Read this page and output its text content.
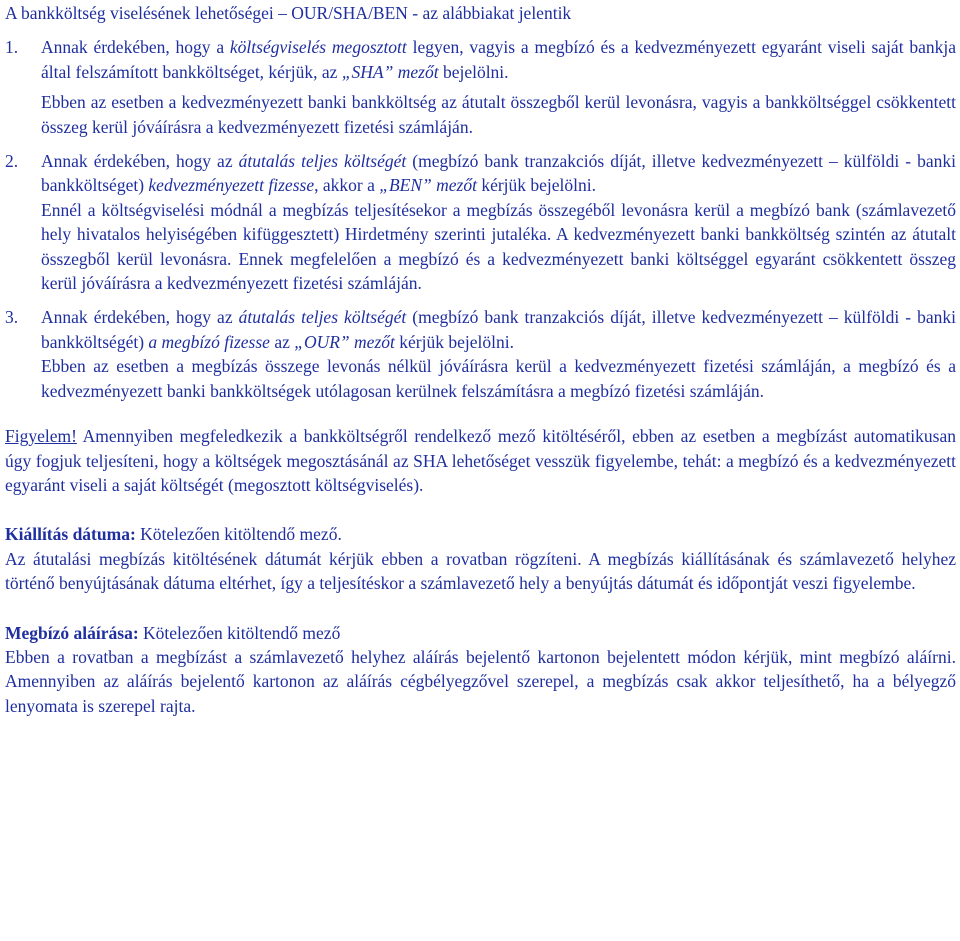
A bankköltség viselésének lehetőségei – OUR/SHA/BEN - az alábbiakat jelentik

1.	Annak érdekében, hogy a költségviselés megosztott legyen, vagyis a megbízó és a kedvezményezett egyaránt viseli saját bankja által felszámított bankköltséget, kérjük, az „SHA” mezőt bejelölni.

Ebben az esetben a kedvezményezett banki bankköltség az átutalt összegből kerül levonásra, vagyis a bankköltséggel csökkentett összeg kerül jóváírásra a kedvezményezett fizetési számláján.

2.	Annak érdekében, hogy az átutalás teljes költségét (megbízó bank tranzakciós díját, illetve kedvezményezett – külföldi - banki bankköltséget) kedvezményezett fizesse, akkor a „BEN” mezőt kérjük bejelölni.

Ennél a költségviselési módnál a megbízás teljesítésekor a megbízás összegéből levonásra kerül a megbízó bank (számlavezető hely hivatalos helyiségében kifüggesztett) Hirdetmény szerinti jutaléka. A kedvezményezett banki bankköltség szintén az átutalt összegből kerül levonásra. Ennek megfelelően a megbízó és a kedvezményezett banki költséggel egyaránt csökkentett összeg kerül jóváírásra a kedvezményezett fizetési számláján.

3.	Annak érdekében, hogy az átutalás teljes költségét (megbízó bank tranzakciós díját, illetve kedvezményezett – külföldi - banki bankköltségét) a megbízó fizesse az „OUR” mezőt kérjük bejelölni.

Ebben az esetben a megbízás összege levonás nélkül jóváírásra kerül a kedvezményezett fizetési számláján, a megbízó és a kedvezményezett banki bankköltségek utólagosan kerülnek felszámításra a megbízó fizetési számláján.

Figyelem! Amennyiben megfeledkezik a bankköltségről rendelkező mező kitöltéséről, ebben az esetben a megbízást automatikusan úgy fogjuk teljesíteni, hogy a költségek megosztásánál az SHA lehetőséget vesszük figyelembe, tehát: a megbízó és a kedvezményezett egyaránt viseli a saját költségét (megosztott költségviselés).

Kiállítás dátuma: Kötelezően kitöltendő mező.

Az átutalási megbízás kitöltésének dátumát kérjük ebben a rovatban rögzíteni. A megbízás kiállításának és számlavezető helyhez történő benyújtásának dátuma eltérhet, így a teljesítéskor a számlavezető hely a benyújtás dátumát és időpontját veszi figyelembe.

Megbízó aláírása: Kötelezően kitöltendő mező

Ebben a rovatban a megbízást a számlavezető helyhez aláírás bejelentő kartonon bejelentett módon kérjük, mint megbízó aláírni. Amennyiben az aláírás bejelentő kartonon az aláírás cégbélyegzővel szerepel, a megbízás csak akkor teljesíthető, ha a bélyegző lenyomata is szerepel rajta.
